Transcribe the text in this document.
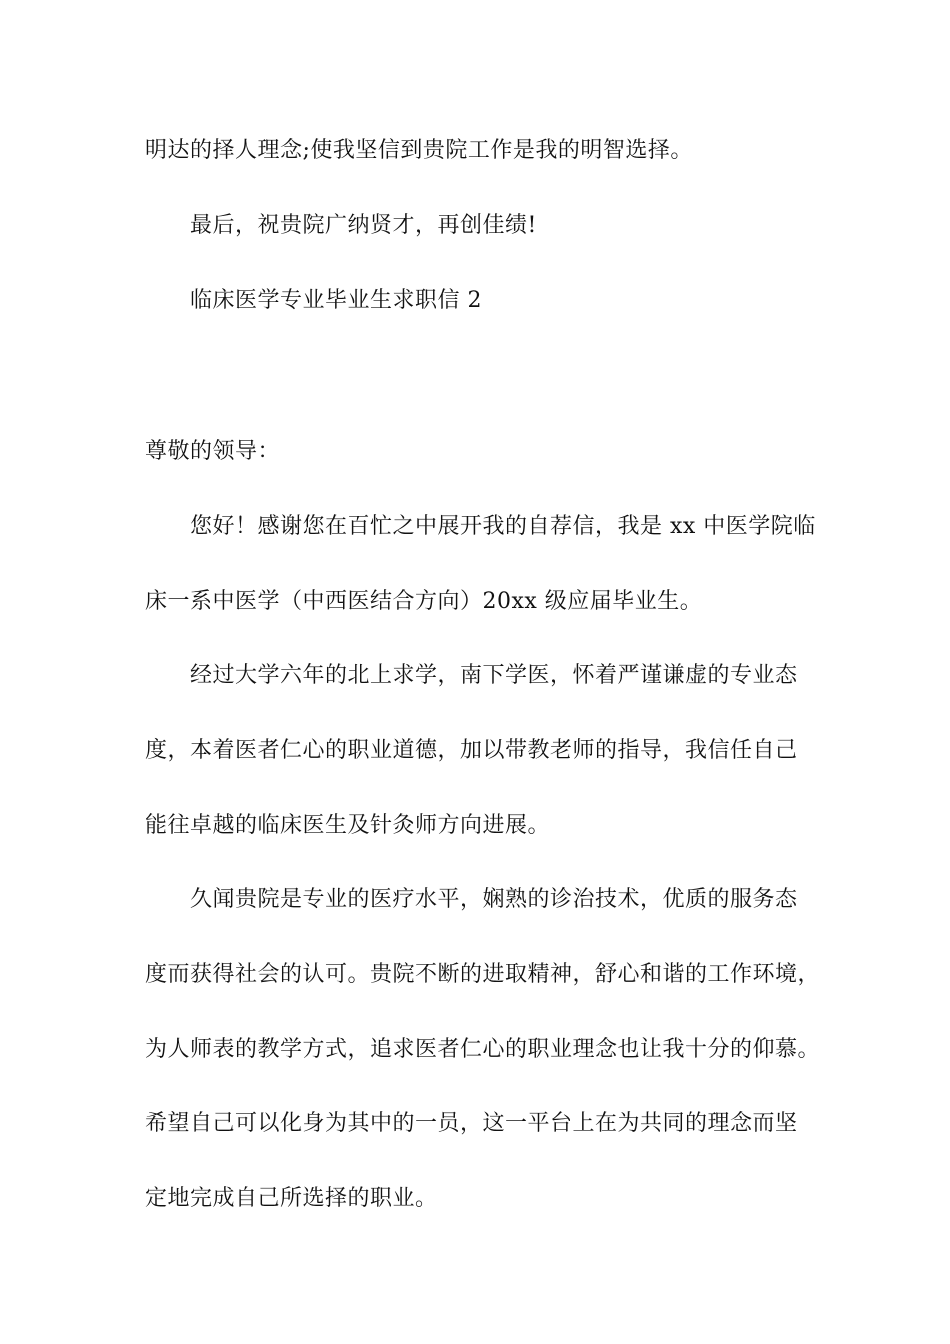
明达的择人理念;使我坚信到贵院工作是我的明智选择。
最后，祝贵院广纳贤才，再创佳绩!
临床医学专业毕业生求职信 2
尊敬的领导：
您好！感谢您在百忙之中展开我的自荐信，我是 xx 中医学院临
床一系中医学（中西医结合方向）20xx 级应届毕业生。
经过大学六年的北上求学，南下学医，怀着严谨谦虚的专业态
度，本着医者仁心的职业道德，加以带教老师的指导，我信任自己
能往卓越的临床医生及针灸师方向进展。
久闻贵院是专业的医疗水平，娴熟的诊治技术，优质的服务态
度而获得社会的认可。贵院不断的进取精神，舒心和谐的工作环境，
为人师表的教学方式，追求医者仁心的职业理念也让我十分的仰慕。
希望自己可以化身为其中的一员，这一平台上在为共同的理念而坚
定地完成自己所选择的职业。
